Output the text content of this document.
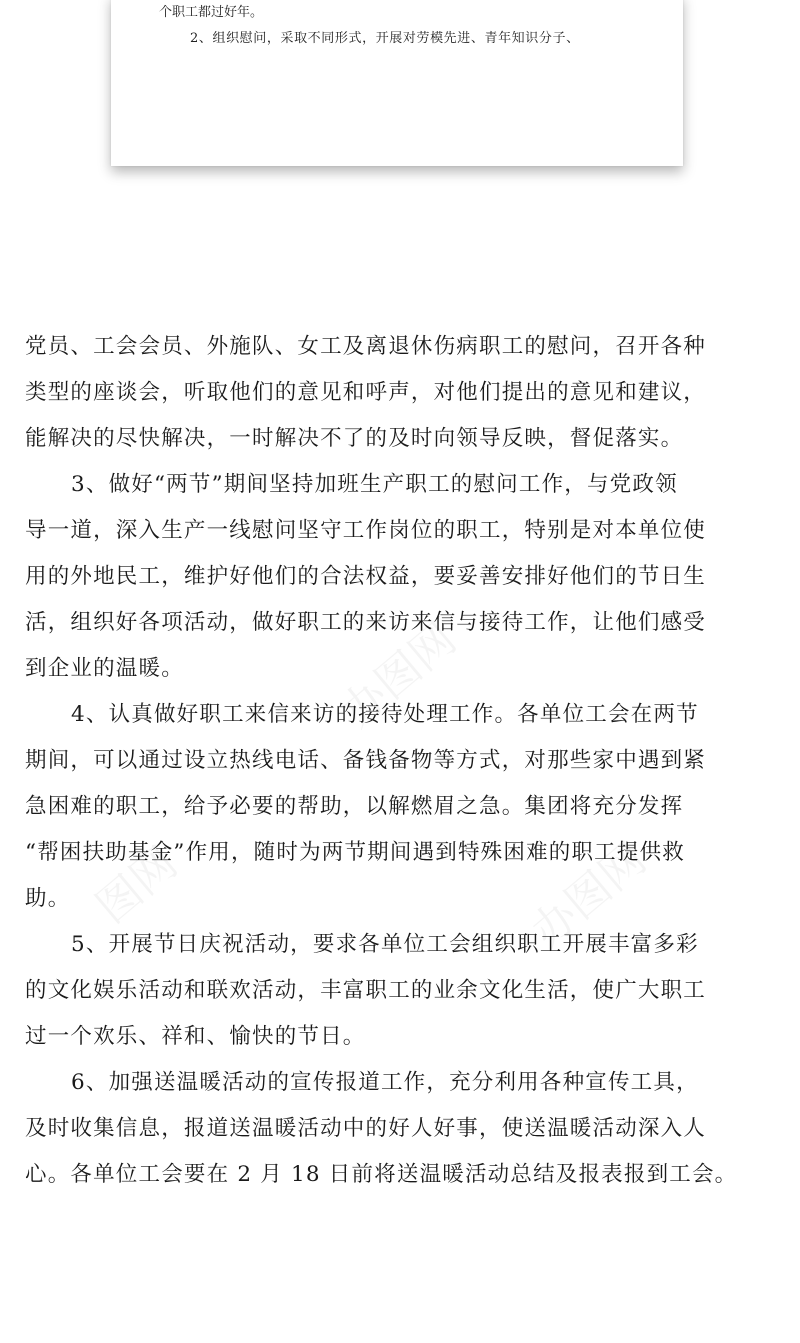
个职工都过好年。
2、组织慰问，采取不同形式，开展对劳模先进、青年知识分子、
党员、工会会员、外施队、女工及离退休伤病职工的慰问，召开各种
类型的座谈会，听取他们的意见和呼声，对他们提出的意见和建议，
能解决的尽快解决，一时解决不了的及时向领导反映，督促落实。
3、做好“两节”期间坚持加班生产职工的慰问工作，与党政领
导一道，深入生产一线慰问坚守工作岗位的职工，特别是对本单位使
用的外地民工，维护好他们的合法权益，要妥善安排好他们的节日生
活，组织好各项活动，做好职工的来访来信与接待工作，让他们感受
到企业的温暖。
4、认真做好职工来信来访的接待处理工作。各单位工会在两节
期间，可以通过设立热线电话、备钱备物等方式，对那些家中遇到紧
急困难的职工，给予必要的帮助，以解燃眉之急。集团将充分发挥
“帮困扶助基金”作用，随时为两节期间遇到特殊困难的职工提供救
助。
5、开展节日庆祝活动，要求各单位工会组织职工开展丰富多彩
的文化娱乐活动和联欢活动，丰富职工的业余文化生活，使广大职工
过一个欢乐、祥和、愉快的节日。
6、加强送温暖活动的宣传报道工作，充分利用各种宣传工具，
及时收集信息，报道送温暖活动中的好人好事，使送温暖活动深入人
心。各单位工会要在 2 月 18 日前将送温暖活动总结及报表报到工会。
